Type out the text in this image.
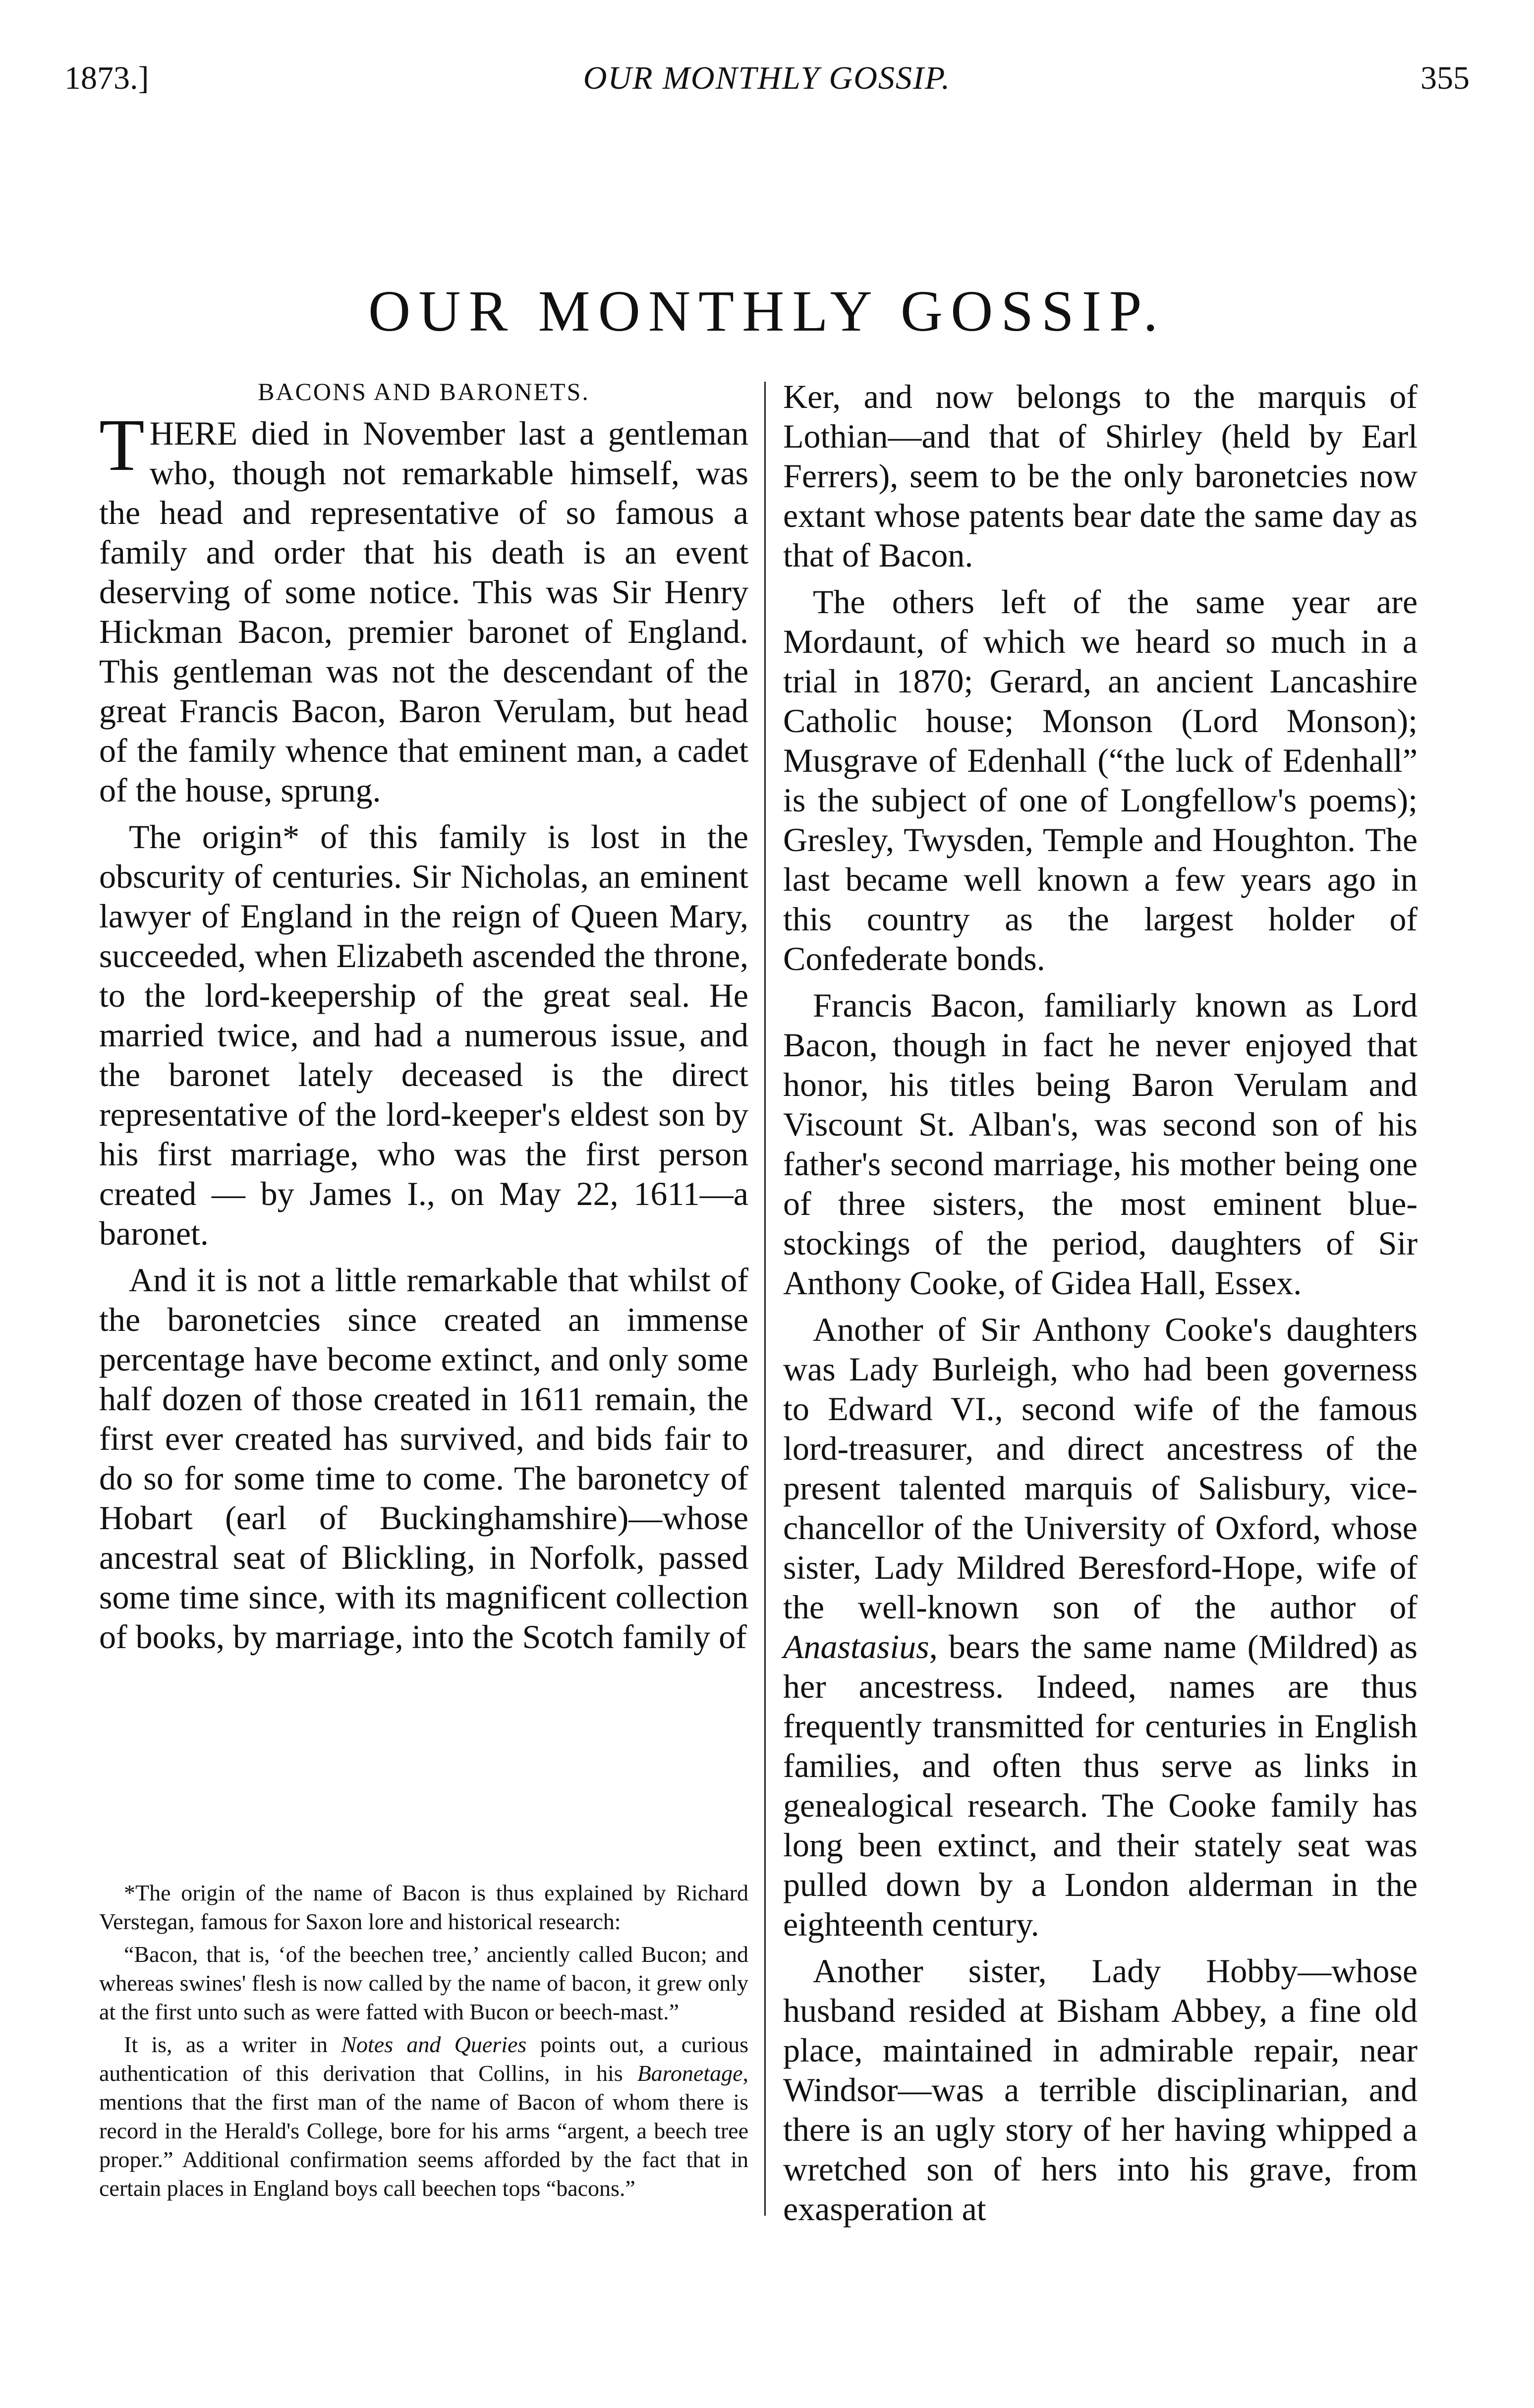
1873.]	OUR MONTHLY GOSSIP.	355
OUR MONTHLY GOSSIP.
BACONS AND BARONETS.

THERE died in November last a gentleman who, though not remarkable himself, was the head and representative of so famous a family and order that his death is an event deserving of some notice. This was Sir Henry Hickman Bacon, premier baronet of England. This gentleman was not the descendant of the great Francis Bacon, Baron Verulam, but head of the family whence that eminent man, a cadet of the house, sprung.

The origin* of this family is lost in the obscurity of centuries. Sir Nicholas, an eminent lawyer of England in the reign of Queen Mary, succeeded, when Elizabeth ascended the throne, to the lord-keepership of the great seal. He married twice, and had a numerous issue, and the baronet lately deceased is the direct representative of the lord-keeper's eldest son by his first marriage, who was the first person created — by James I., on May 22, 1611—a baronet.

And it is not a little remarkable that whilst of the baronetcies since created an immense percentage have become extinct, and only some half dozen of those created in 1611 remain, the first ever created has survived, and bids fair to do so for some time to come. The baronetcy of Hobart (earl of Buckinghamshire)—whose ancestral seat of Blickling, in Norfolk, passed some time since, with its magnificent collection of books, by marriage, into the Scotch family of

*The origin of the name of Bacon is thus explained by Richard Verstegan, famous for Saxon lore and historical research:

“Bacon, that is, ‘of the beechen tree,’ anciently called Bucon; and whereas swines' flesh is now called by the name of bacon, it grew only at the first unto such as were fatted with Bucon or beech-mast.”

It is, as a writer in Notes and Queries points out, a curious authentication of this derivation that Collins, in his Baronetage, mentions that the first man of the name of Bacon of whom there is record in the Herald's College, bore for his arms “argent, a beech tree proper.” Additional confirmation seems afforded by the fact that in certain places in England boys call beechen tops “bacons.”

Ker, and now belongs to the marquis of Lothian—and that of Shirley (held by Earl Ferrers), seem to be the only baronetcies now extant whose patents bear date the same day as that of Bacon.

The others left of the same year are Mordaunt, of which we heard so much in a trial in 1870; Gerard, an ancient Lancashire Catholic house; Monson (Lord Monson); Musgrave of Edenhall (“the luck of Edenhall” is the subject of one of Longfellow's poems); Gresley, Twysden, Temple and Houghton. The last became well known a few years ago in this country as the largest holder of Confederate bonds.

Francis Bacon, familiarly known as Lord Bacon, though in fact he never enjoyed that honor, his titles being Baron Verulam and Viscount St. Alban's, was second son of his father's second marriage, his mother being one of three sisters, the most eminent blue-stockings of the period, daughters of Sir Anthony Cooke, of Gidea Hall, Essex.

Another of Sir Anthony Cooke's daughters was Lady Burleigh, who had been governess to Edward VI., second wife of the famous lord-treasurer, and direct ancestress of the present talented marquis of Salisbury, vice-chancellor of the University of Oxford, whose sister, Lady Mildred Beresford-Hope, wife of the well-known son of the author of Anastasius, bears the same name (Mildred) as her ancestress. Indeed, names are thus frequently transmitted for centuries in English families, and often thus serve as links in genealogical research. The Cooke family has long been extinct, and their stately seat was pulled down by a London alderman in the eighteenth century.

Another sister, Lady Hobby—whose husband resided at Bisham Abbey, a fine old place, maintained in admirable repair, near Windsor—was a terrible disciplinarian, and there is an ugly story of her having whipped a wretched son of hers into his grave, from exasperation at
